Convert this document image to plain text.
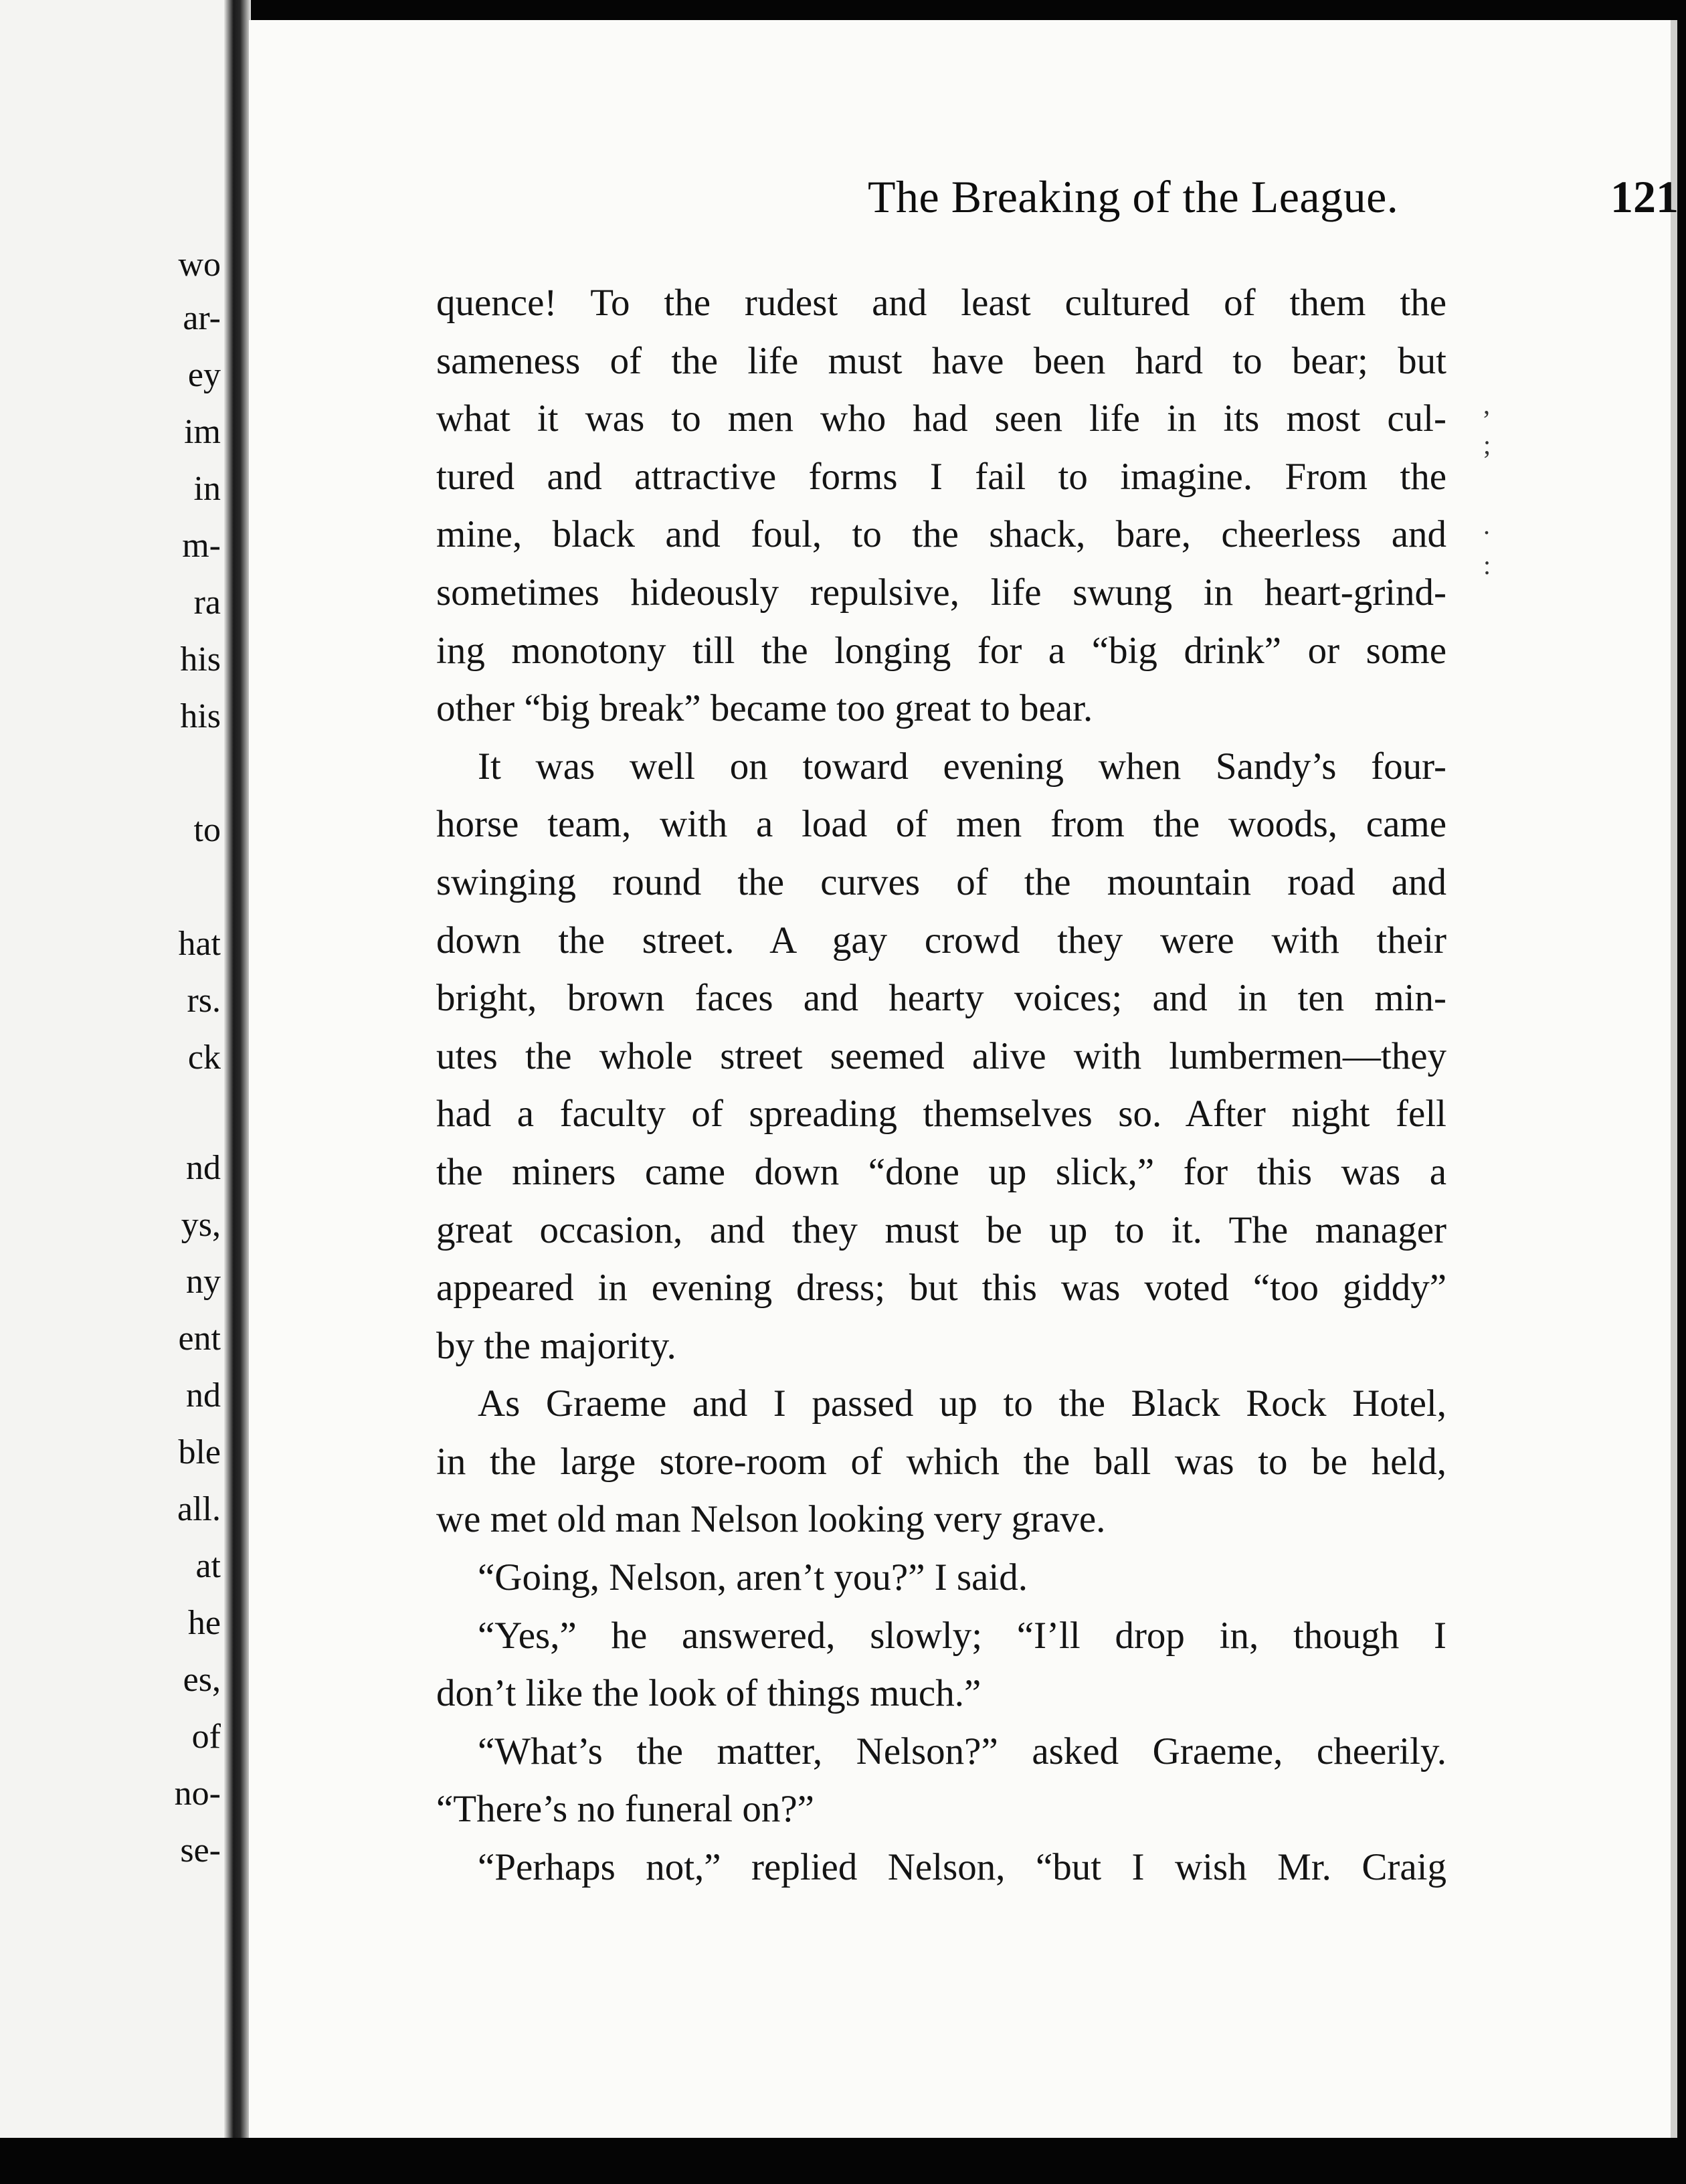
wo
ar-
ey
im
in
m-
ra
his
his
to
hat
rs.
ck
nd
ys,
ny
ent
nd
ble
all.
at
he
es,
of
no-
se-
The Breaking of the League.	121
quence! To the rudest and least cultured of them the
sameness of the life must have been hard to bear; but
what it was to men who had seen life in its most cul-
tured and attractive forms I fail to imagine. From the
mine, black and foul, to the shack, bare, cheerless and
sometimes hideously repulsive, life swung in heart-grind-
ing monotony till the longing for a “big drink” or some
other “big break” became too great to bear.
It was well on toward evening when Sandy’s four-
horse team, with a load of men from the woods, came
swinging round the curves of the mountain road and
down the street. A gay crowd they were with their
bright, brown faces and hearty voices; and in ten min-
utes the whole street seemed alive with lumbermen—they
had a faculty of spreading themselves so. After night fell
the miners came down “done up slick,” for this was a
great occasion, and they must be up to it. The manager
appeared in evening dress; but this was voted “too giddy”
by the majority.
As Graeme and I passed up to the Black Rock Hotel,
in the large store-room of which the ball was to be held,
we met old man Nelson looking very grave.
“Going, Nelson, aren’t you?” I said.
“Yes,” he answered, slowly; “I’ll drop in, though I
don’t like the look of things much.”
“What’s the matter, Nelson?” asked Graeme, cheerily.
“There’s no funeral on?”
“Perhaps not,” replied Nelson, “but I wish Mr. Craig
,
;

.
:
